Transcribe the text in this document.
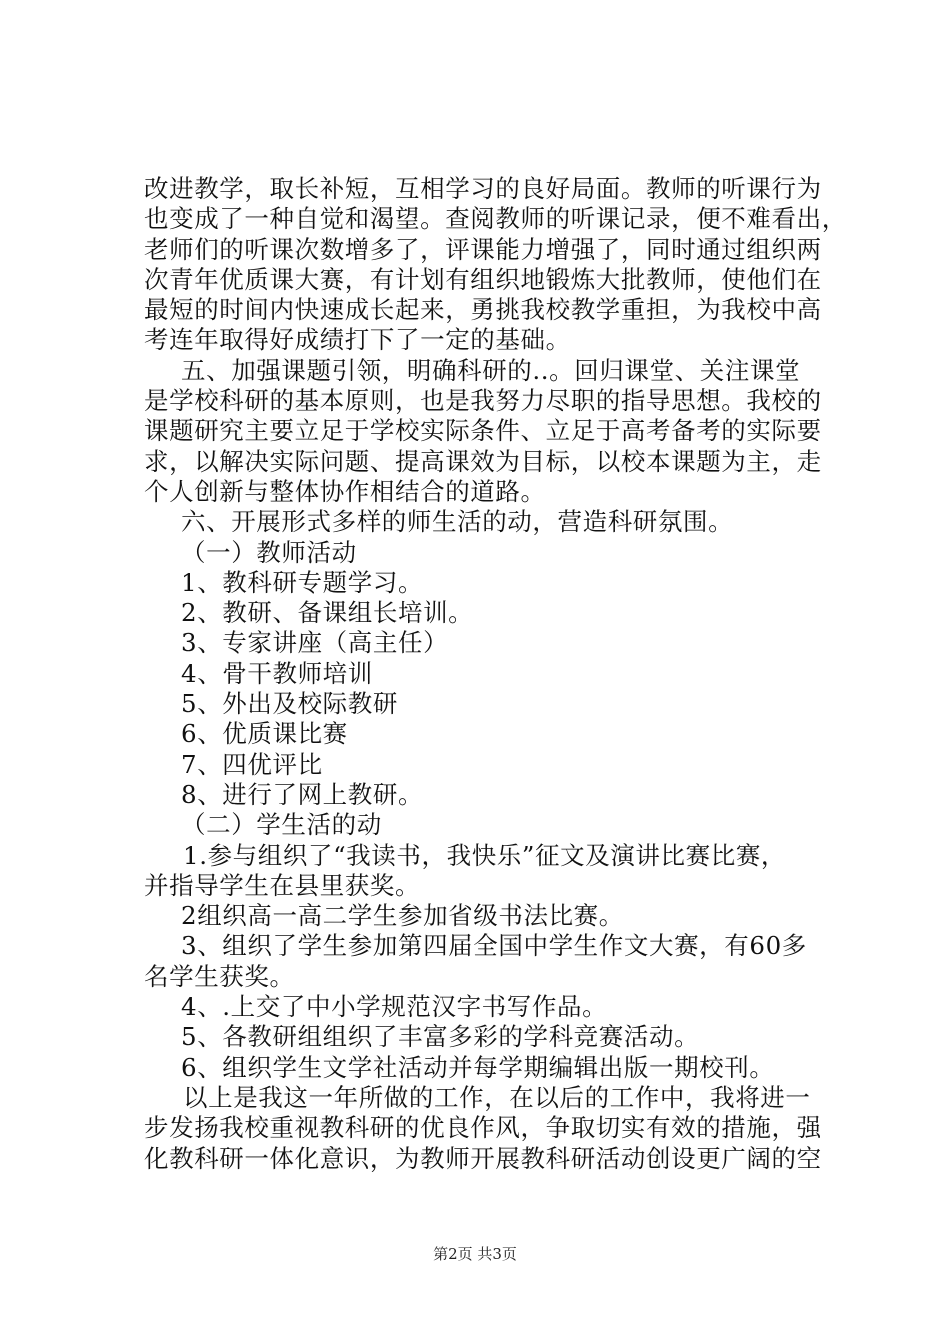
改进教学，取长补短，互相学习的良好局面。教师的听课行为
也变成了一种自觉和渴望。查阅教师的听课记录，便不难看出，
老师们的听课次数增多了，评课能力增强了，同时通过组织两
次青年优质课大赛，有计划有组织地锻炼大批教师，使他们在
最短的时间内快速成长起来，勇挑我校教学重担，为我校中高
考连年取得好成绩打下了一定的基础。
五、加强课题引领，明确科研的..。回归课堂、关注课堂
是学校科研的基本原则，也是我努力尽职的指导思想。我校的
课题研究主要立足于学校实际条件、立足于高考备考的实际要
求，以解决实际问题、提高课效为目标，以校本课题为主，走
个人创新与整体协作相结合的道路。
六、开展形式多样的师生活的动，营造科研氛围。
（一）教师活动
1、教科研专题学习。
2、教研、备课组长培训。
3、专家讲座（高主任）
4、骨干教师培训
5、外出及校际教研
6、优质课比赛
7、四优评比
8、进行了网上教研。
（二）学生活的动
1.参与组织了“我读书，我快乐”征文及演讲比赛比赛，
并指导学生在县里获奖。
2组织高一高二学生参加省级书法比赛。
3、组织了学生参加第四届全国中学生作文大赛，有60多
名学生获奖。
4、.上交了中小学规范汉字书写作品。
5、各教研组组织了丰富多彩的学科竞赛活动。
6、组织学生文学社活动并每学期编辑出版一期校刊。
以上是我这一年所做的工作，在以后的工作中，我将进一
步发扬我校重视教科研的优良作风，争取切实有效的措施，强
化教科研一体化意识，为教师开展教科研活动创设更广阔的空
第2页 共3页
